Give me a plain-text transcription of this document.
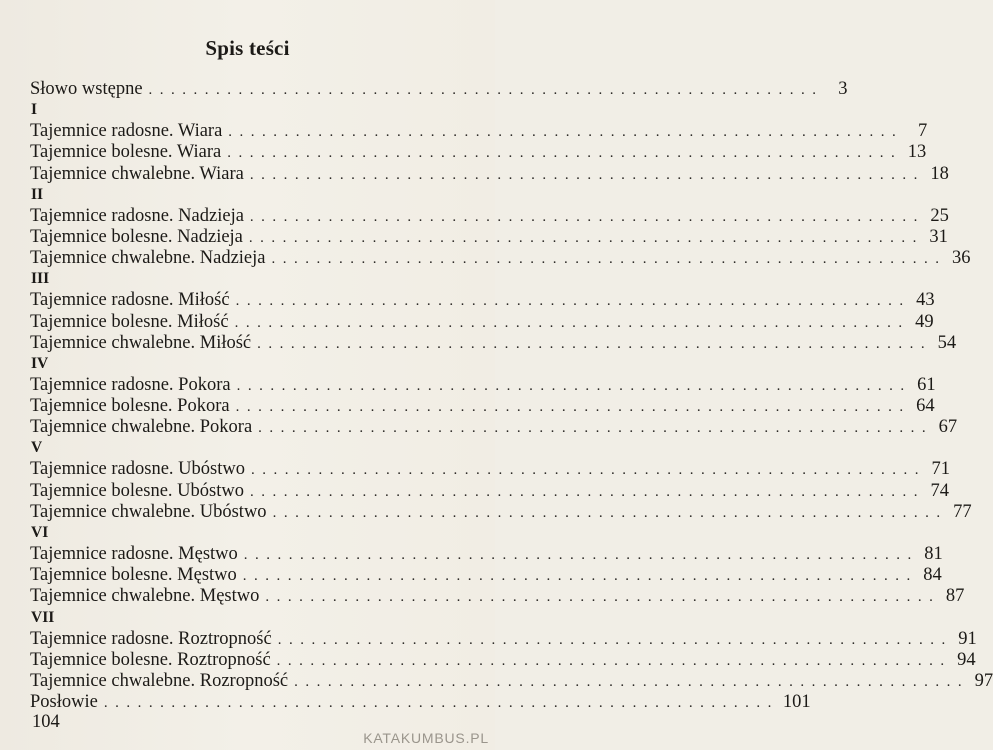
Spis teści
Słowo wstępne ............................................................ 3
I
Tajemnice radosne. Wiara ............................................................ 7
Tajemnice bolesne. Wiara ............................................................ 13
Tajemnice chwalebne. Wiara ............................................................ 18
II
Tajemnice radosne. Nadzieja ............................................................ 25
Tajemnice bolesne. Nadzieja ............................................................ 31
Tajemnice chwalebne. Nadzieja ............................................................ 36
III
Tajemnice radosne. Miłość ............................................................ 43
Tajemnice bolesne. Miłość ............................................................ 49
Tajemnice chwalebne. Miłość ............................................................ 54
IV
Tajemnice radosne. Pokora ............................................................ 61
Tajemnice bolesne. Pokora ............................................................ 64
Tajemnice chwalebne. Pokora ............................................................ 67
V
Tajemnice radosne. Ubóstwo ............................................................ 71
Tajemnice bolesne. Ubóstwo ............................................................ 74
Tajemnice chwalebne. Ubóstwo ............................................................ 77
VI
Tajemnice radosne. Męstwo ............................................................ 81
Tajemnice bolesne. Męstwo ............................................................ 84
Tajemnice chwalebne. Męstwo ............................................................ 87
VII
Tajemnice radosne. Roztropność ............................................................ 91
Tajemnice bolesne. Roztropność ............................................................ 94
Tajemnice chwalebne. Rozropność ............................................................ 97
Posłowie ............................................................ 101
104
KATAKUMBUS.PL
